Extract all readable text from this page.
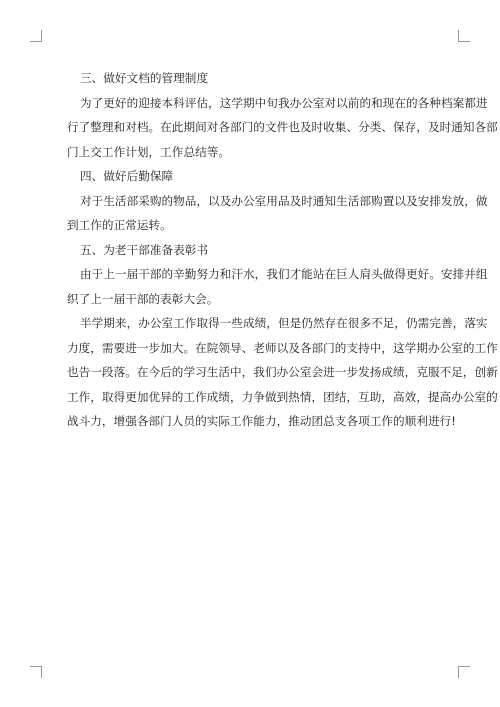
三、做好文档的管理制度
为了更好的迎接本科评估，这学期中旬我办公室对以前的和现在的各种档案都进
行了整理和对档。在此期间对各部门的文件也及时收集、分类、保存，及时通知各部
门上交工作计划，工作总结等。
四、做好后勤保障
对于生活部采购的物品，以及办公室用品及时通知生活部购置以及安排发放，做
到工作的正常运转。
五、为老干部准备表彰书
由于上一届干部的辛勤努力和汗水，我们才能站在巨人肩头做得更好。安排并组
织了上一届干部的表彰大会。
半学期来，办公室工作取得一些成绩，但是仍然存在很多不足，仍需完善，落实
力度，需要进一步加大。在院领导、老师以及各部门的支持中，这学期办公室的工作
也告一段落。在今后的学习生活中，我们办公室会进一步发扬成绩，克服不足，创新
工作，取得更加优异的工作成绩，力争做到热情，团结，互助，高效，提高办公室的
战斗力，增强各部门人员的实际工作能力，推动团总支各项工作的顺利进行!
